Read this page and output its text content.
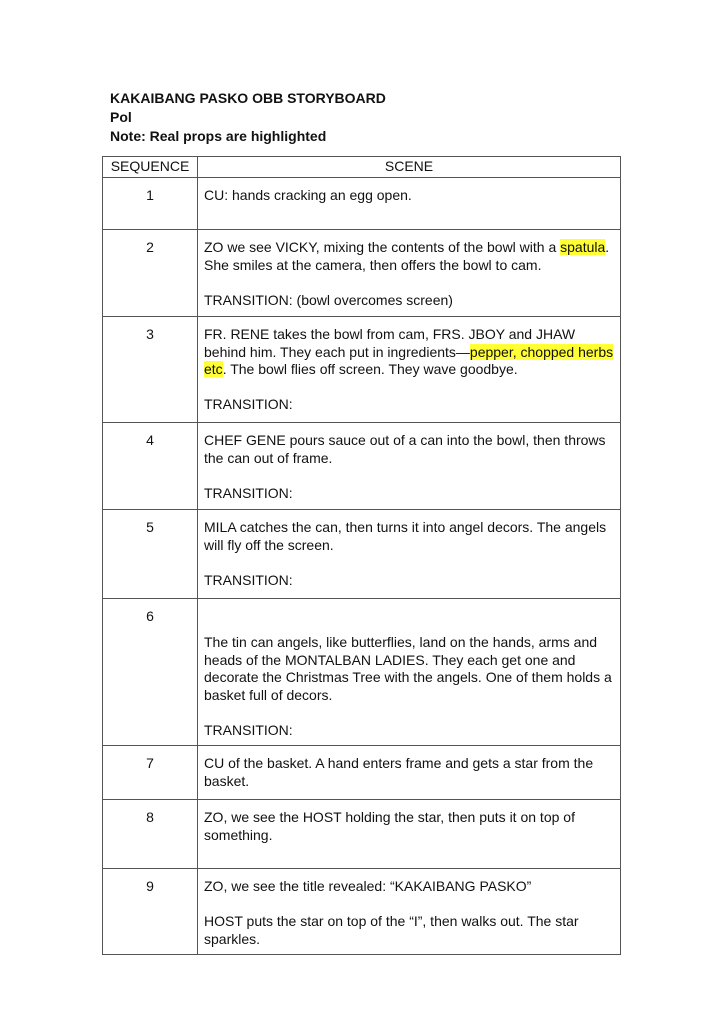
KAKAIBANG PASKO OBB STORYBOARD
Pol
Note: Real props are highlighted
SEQUENCE	SCENE
1	CU: hands cracking an egg open.

2	ZO we see VICKY, mixing the contents of the bowl with a spatula. She smiles at the camera, then offers the bowl to cam.

TRANSITION: (bowl overcomes screen)

3	FR. RENE takes the bowl from cam, FRS. JBOY and JHAW behind him. They each put in ingredients—pepper, chopped herbs etc. The bowl flies off screen. They wave goodbye.

TRANSITION:

4	CHEF GENE pours sauce out of a can into the bowl, then throws the can out of frame.

TRANSITION:

5	MILA catches the can, then turns it into angel decors. The angels will fly off the screen.

TRANSITION:

6	The tin can angels, like butterflies, land on the hands, arms and heads of the MONTALBAN LADIES. They each get one and decorate the Christmas Tree with the angels. One of them holds a basket full of decors.

TRANSITION:

7	CU of the basket. A hand enters frame and gets a star from the basket.

8	ZO, we see the HOST holding the star, then puts it on top of something.

9	ZO, we see the title revealed: “KAKAIBANG PASKO”

HOST puts the star on top of the “I”, then walks out. The star sparkles.
